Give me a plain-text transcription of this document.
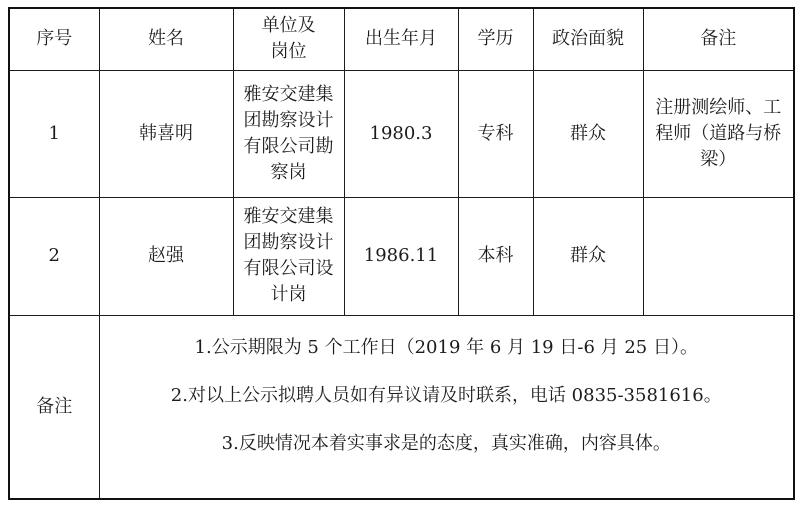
序号	姓名	单位及岗位	出生年月	学历	政治面貌	备注
1	韩喜明	雅安交建集团勘察设计有限公司勘察岗	1980.3	专科	群众	注册测绘师、工程师（道路与桥梁）
2	赵强	雅安交建集团勘察设计有限公司设计岗	1986.11	本科	群众	
备注	1.公示期限为 5 个工作日（2019 年 6 月 19 日-6 月 25 日）。

2.对以上公示拟聘人员如有异议请及时联系，电话 0835-3581616。

3.反映情况本着实事求是的态度，真实准确，内容具体。					
